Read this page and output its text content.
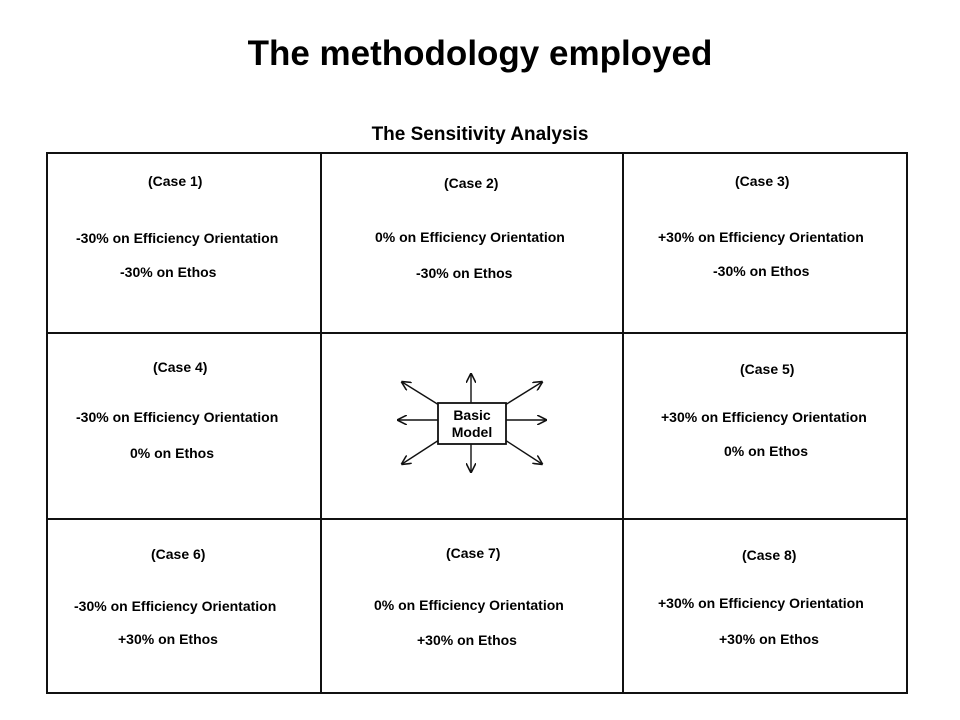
The methodology employed
The Sensitivity Analysis
(Case 1)
-30% on Efficiency Orientation
-30% on Ethos
(Case 2)
0% on Efficiency Orientation
-30% on Ethos
(Case 3)
+30% on Efficiency Orientation
-30% on Ethos
(Case 4)
-30% on Efficiency Orientation
0% on Ethos
Basic
Model
(Case 5)
+30% on Efficiency Orientation
0% on Ethos
(Case 6)
-30% on Efficiency Orientation
+30% on Ethos
(Case 7)
0% on Efficiency Orientation
+30% on Ethos
(Case 8)
+30% on Efficiency Orientation
+30% on Ethos
